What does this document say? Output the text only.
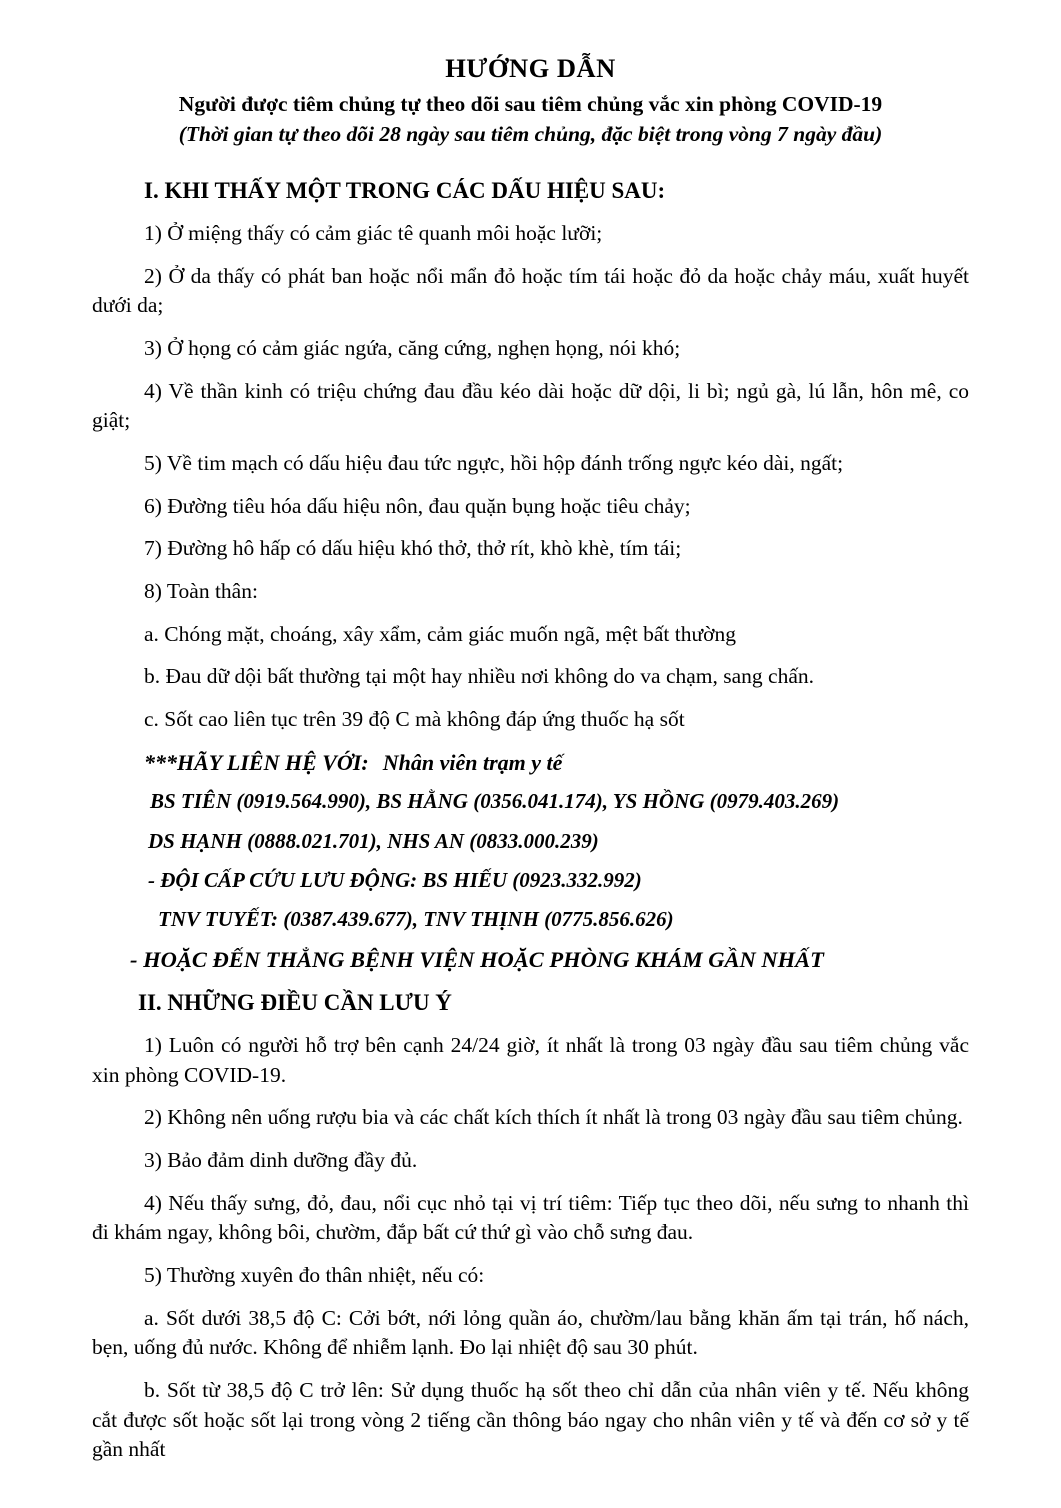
HƯỚNG DẪN
Người được tiêm chủng tự theo dõi sau tiêm chủng vắc xin phòng COVID-19
(Thời gian tự theo dõi 28 ngày sau tiêm chủng, đặc biệt trong vòng 7 ngày đầu)
I. KHI THẤY MỘT TRONG CÁC DẤU HIỆU SAU:

1) Ở miệng thấy có cảm giác tê quanh môi hoặc lưỡi;

2) Ở da thấy có phát ban hoặc nổi mẩn đỏ hoặc tím tái hoặc đỏ da hoặc chảy máu, xuất huyết dưới da;

3) Ở họng có cảm giác ngứa, căng cứng, nghẹn họng, nói khó;

4) Về thần kinh có triệu chứng đau đầu kéo dài hoặc dữ dội, li bì; ngủ gà, lú lẫn, hôn mê, co giật;

5) Về tim mạch có dấu hiệu đau tức ngực, hồi hộp đánh trống ngực kéo dài, ngất;

6) Đường tiêu hóa dấu hiệu nôn, đau quặn bụng hoặc tiêu chảy;

7) Đường hô hấp có dấu hiệu khó thở, thở rít, khò khè, tím tái;

8) Toàn thân:

a. Chóng mặt, choáng, xây xẩm, cảm giác muốn ngã, mệt bất thường

b. Đau dữ dội bất thường tại một hay nhiều nơi không do va chạm, sang chấn.

c. Sốt cao liên tục trên 39 độ C mà không đáp ứng thuốc hạ sốt

***HÃY LIÊN HỆ VỚI: Nhân viên trạm y tế
BS TIÊN (0919.564.990), BS HẰNG (0356.041.174), YS HỒNG (0979.403.269)
DS HẠNH (0888.021.701), NHS AN (0833.000.239)
- ĐỘI CẤP CỨU LƯU ĐỘNG: BS HIẾU (0923.332.992)
TNV TUYẾT: (0387.439.677), TNV THỊNH (0775.856.626)
- HOẶC ĐẾN THẲNG BỆNH VIỆN HOẶC PHÒNG KHÁM GẦN NHẤT
II. NHỮNG ĐIỀU CẦN LƯU Ý

1) Luôn có người hỗ trợ bên cạnh 24/24 giờ, ít nhất là trong 03 ngày đầu sau tiêm chủng vắc xin phòng COVID-19.

2) Không nên uống rượu bia và các chất kích thích ít nhất là trong 03 ngày đầu sau tiêm chủng.

3) Bảo đảm dinh dưỡng đầy đủ.

4) Nếu thấy sưng, đỏ, đau, nổi cục nhỏ tại vị trí tiêm: Tiếp tục theo dõi, nếu sưng to nhanh thì đi khám ngay, không bôi, chườm, đắp bất cứ thứ gì vào chỗ sưng đau.

5) Thường xuyên đo thân nhiệt, nếu có:

a. Sốt dưới 38,5 độ C: Cởi bớt, nới lỏng quần áo, chườm/lau bằng khăn ấm tại trán, hố nách, bẹn, uống đủ nước. Không để nhiễm lạnh. Đo lại nhiệt độ sau 30 phút.

b. Sốt từ 38,5 độ C trở lên: Sử dụng thuốc hạ sốt theo chỉ dẫn của nhân viên y tế. Nếu không cắt được sốt hoặc sốt lại trong vòng 2 tiếng cần thông báo ngay cho nhân viên y tế và đến cơ sở y tế gần nhất
